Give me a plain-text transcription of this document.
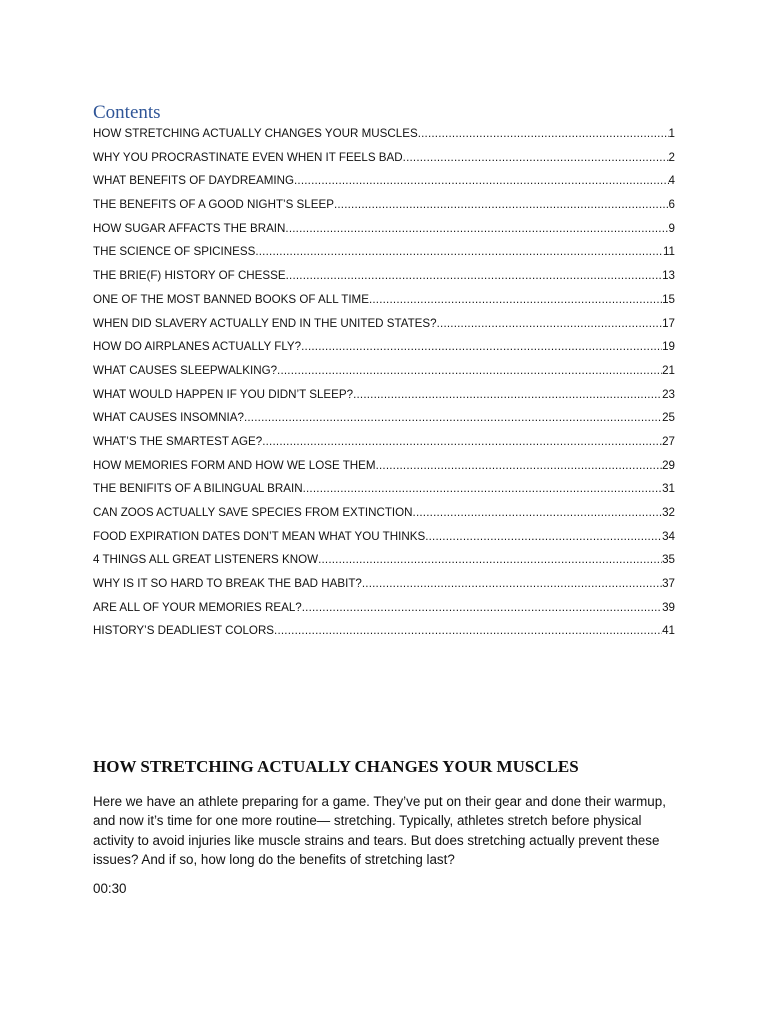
Contents
HOW STRETCHING ACTUALLY CHANGES YOUR MUSCLES .....	1
WHY YOU PROCRASTINATE EVEN WHEN IT FEELS BAD .....	2
WHAT BENEFITS OF DAYDREAMING .....	4
THE BENEFITS OF A GOOD NIGHT’S SLEEP .....	6
HOW SUGAR AFFACTS THE BRAIN .....	9
THE SCIENCE OF SPICINESS .....	11
THE BRIE(F) HISTORY OF CHESSE .....	13
ONE OF THE MOST BANNED BOOKS OF ALL TIME .....	15
WHEN DID SLAVERY ACTUALLY END IN THE UNITED STATES? .....	17
HOW DO AIRPLANES ACTUALLY FLY? .....	19
WHAT CAUSES SLEEPWALKING? .....	21
WHAT WOULD HAPPEN IF YOU DIDN’T SLEEP? .....	23
WHAT CAUSES INSOMNIA? .....	25
WHAT’S THE SMARTEST AGE? .....	27
HOW MEMORIES FORM AND HOW WE LOSE THEM .....	29
THE BENIFITS OF A BILINGUAL BRAIN .....	31
CAN ZOOS ACTUALLY SAVE SPECIES FROM EXTINCTION .....	32
FOOD EXPIRATION DATES DON’T MEAN WHAT YOU THINKS .....	34
4 THINGS ALL GREAT LISTENERS KNOW .....	35
WHY IS IT SO HARD TO BREAK THE BAD HABIT? .....	37
ARE ALL OF YOUR MEMORIES REAL? .....	39
HISTORY’S DEADLIEST COLORS .....	41
HOW STRETCHING ACTUALLY CHANGES YOUR MUSCLES

Here we have an athlete preparing for a game. They’ve put on their gear and done their warmup, and now it’s time for one more routine— stretching. Typically, athletes stretch before physical activity to avoid injuries like muscle strains and tears. But does stretching actually prevent these issues? And if so, how long do the benefits of stretching last?

00:30
